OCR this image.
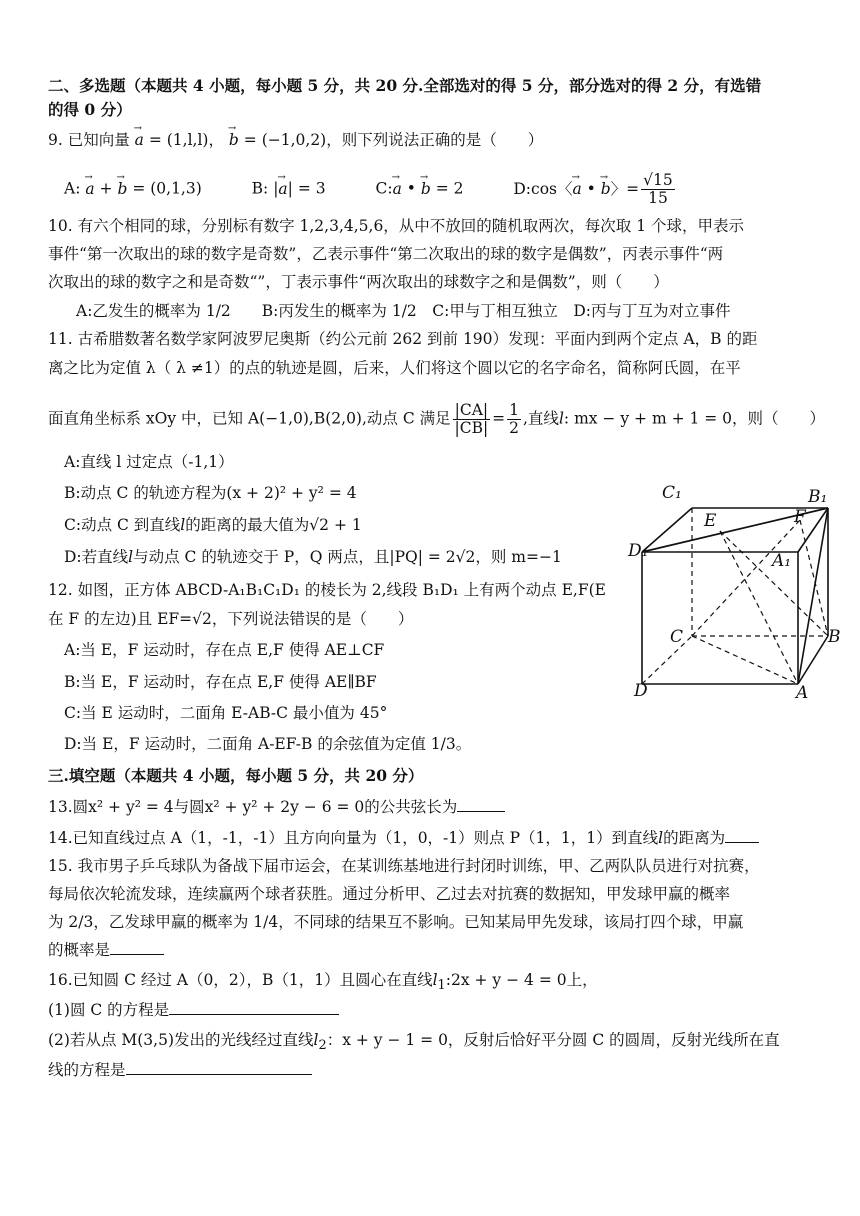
二、多选题（本题共 4 小题，每小题 5 分，共 20 分.全部选对的得 5 分，部分选对的得 2 分，有选错
的得 0 分）
9. 已知向量 → a = (1,l,l)， → b = (−1,0,2)，则下列说法正确的是（　　）
A: → a + → b = (0,1,3)	B: |→ a| = 3	C:→ a • → b = 2	D:cos〈→ a • → b〉= $\frac{√15}{15}$
10. 有六个相同的球，分别标有数字 1,2,3,4,5,6，从中不放回的随机取两次，每次取 1 个球，甲表示
事件“第一次取出的球的数字是奇数”，乙表示事件“第二次取出的球的数字是偶数”，丙表示事件“两
次取出的球的数字之和是奇数“”，丁表示事件“两次取出的球数字之和是偶数”，则（　　）
A:乙发生的概率为 1/2　　B:丙发生的概率为 1/2　C:甲与丁相互独立　D:丙与丁互为对立事件
11. 古希腊数著名数学家阿波罗尼奥斯（约公元前 262 到前 190）发现：平面内到两个定点 A，B 的距
离之比为定值 λ（ λ ≠1）的点的轨迹是圆，后来，人们将这个圆以它的名字命名，简称阿氏圆，在平
面直角坐标系 xOy 中，已知 A(−1,0),B(2,0),动点 C 满足 $\frac{|CA|}{|CB|} = \frac{1}{2}$ ,直线l: mx − y + m + 1 = 0，则（　　）
A:直线 l 过定点（-1,1）
B:动点 C 的轨迹方程为(x + 2)² + y² = 4
C:动点 C 到直线l的距离的最大值为√2 + 1
D:若直线l与动点 C 的轨迹交于 P，Q 两点，且|PQ| = 2√2，则 m=−1
12. 如图，正方体 ABCD-A₁B₁C₁D₁ 的棱长为 2,线段 B₁D₁ 上有两个动点 E,F(E
在 F 的左边)且 EF=√2，下列说法错误的是（　　）
A:当 E，F 运动时，存在点 E,F 使得 AE⊥CF
B:当 E，F 运动时，存在点 E,F 使得 AE∥BF
C:当 E 运动时，二面角 E-AB-C 最小值为 45°
D:当 E，F 运动时，二面角 A-EF-B 的余弦值为定值 1/3。
C₁	B₁
E	F
D₁	A₁
C	B
D	A
三.填空题（本题共 4 小题，每小题 5 分，共 20 分）
13.圆x² + y² = 4与圆x² + y² + 2y − 6 = 0的公共弦长为
14.已知直线过点 A（1，-1，-1）且方向向量为（1，0，-1）则点 P（1，1，1）到直线l的距离为
15. 我市男子乒乓球队为备战下届市运会，在某训练基地进行封闭时训练，甲、乙两队队员进行对抗赛，
每局依次轮流发球，连续赢两个球者获胜。通过分析甲、乙过去对抗赛的数据知，甲发球甲赢的概率
为 2/3，乙发球甲赢的概率为 1/4，不同球的结果互不影响。已知某局甲先发球，该局打四个球，甲赢
的概率是
16.已知圆 C 经过 A（0，2），B（1，1）且圆心在直线$l_1:2x + y - 4 = 0$上，
(1)圆 C 的方程是
(2)若从点 M(3,5)发出的光线经过直线$l_2$：x + y − 1 = 0，反射后恰好平分圆 C 的圆周，反射光线所在直
线的方程是
